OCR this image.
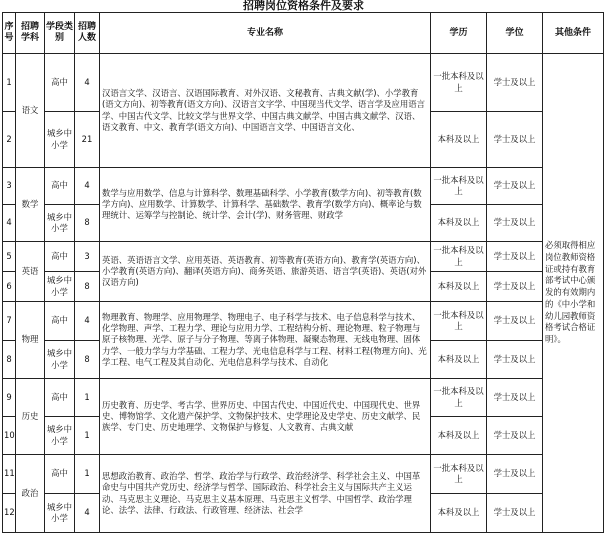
招聘岗位资格条件及要求
序号	招聘学科	学段类别	招聘人数	专业名称	学历	学位	其他条件
1	语文	高中	4	汉语言文学、汉语言、汉语国际教育、对外汉语、文秘教育、古典文献(学)、小学教育(语文方向)、初等教育(语文方向)、汉语言文字学、中国现当代文学、语言学及应用语言学、中国古代文学、比较文学与世界文学、中国古典文献学、中国古典文献学、汉语、语文教育、中文、教育学(语文方向)、中国语言文学、中国语言文化、	一批本科及以上	学士及以上	必须取得相应岗位教师资格证或持有教育部考试中心颁发的有效期内的《中小学和幼儿园教师资格考试合格证明》。
2		城乡中小学	21		本科及以上	学士及以上	
3	数学	高中	4	数学与应用数学、信息与计算科学、数理基础科学、小学教育(数学方向)、初等教育(数学方向)、应用数学、计算数学、计算科学、基础数学、教育学(数学方向)、概率论与数理统计、运筹学与控制论、统计学、会计(学)、财务管理、财政学	一批本科及以上	学士及以上	
4		城乡中小学	8		本科及以上	学士及以上	
5	英语	高中	3	英语、英语语言文学、应用英语、英语教育、初等教育(英语方向)、教育学(英语方向)、小学教育(英语方向)、翻译(英语方向)、商务英语、旅游英语、语言学(英语)、英语(对外汉语方向)	一批本科及以上	学士及以上	
6		城乡中小学	8		本科及以上	学士及以上	
7	物理	高中	4	物理教育、物理学、应用物理学、物理电子、电子科学与技术、电子信息科学与技术、化学物理、声学、工程力学、理论与应用力学、工程结构分析、理论物理、粒子物理与原子核物理、光学、原子与分子物理、等离子体物理、凝聚态物理、无线电物理、固体力学、一般力学与力学基础、工程力学、光电信息科学与工程、材料工程(物理方向)、光学工程、电气工程及其自动化、光电信息科学与技术、自动化	一批本科及以上	学士及以上	
8		城乡中小学	8		本科及以上	学士及以上	
9	历史	高中	1	历史教育、历史学、考古学、世界历史、中国古代史、中国近代史、中国现代史、世界史、博物馆学、文化遗产保护学、文物保护技术、史学理论及史学史、历史文献学、民族学、专门史、历史地理学、文物保护与修复、人文教育、古典文献	一批本科及以上	学士及以上	
10		城乡中小学	1		本科及以上	学士及以上	
11	政治	高中	1	思想政治教育、政治学、哲学、政治学与行政学、政治经济学、科学社会主义、中国革命史与中国共产党历史、经济学与哲学、国际政治、科学社会主义与国际共产主义运动、马克思主义理论、马克思主义基本原理、马克思主义哲学、中国哲学、政治学理论、法学、法律、行政法、行政管理、经济法、社会学	一批本科及以上	学士及以上	
12		城乡中小学	4		本科及以上	学士及以上	
